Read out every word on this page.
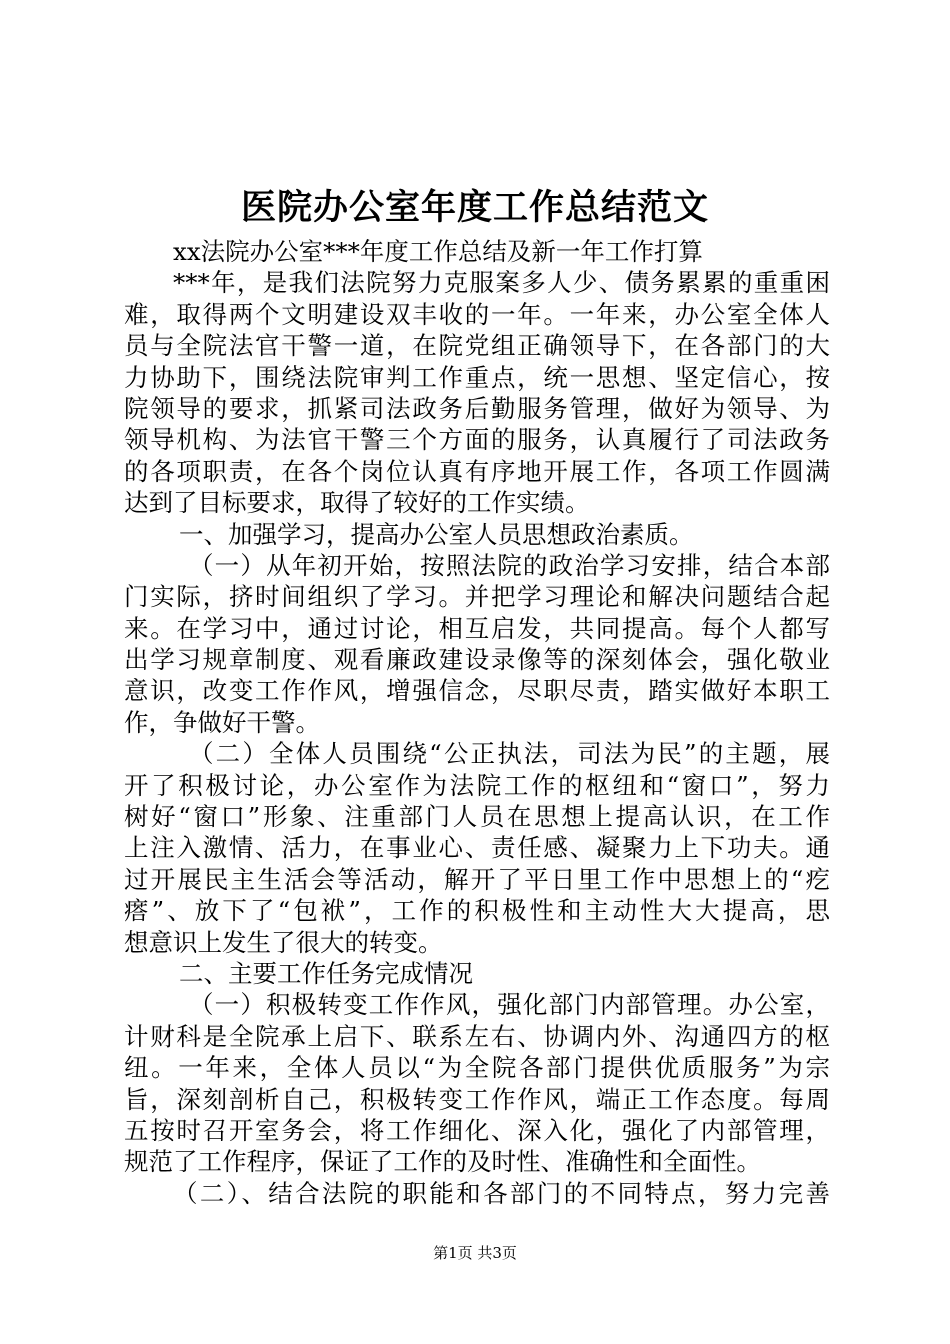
医院办公室年度工作总结范文
xx法院办公室***年度工作总结及新一年工作打算
***年，是我们法院努力克服案多人少、债务累累的重重困
难，取得两个文明建设双丰收的一年。一年来，办公室全体人
员与全院法官干警一道，在院党组正确领导下，在各部门的大
力协助下，围绕法院审判工作重点，统一思想、坚定信心，按
院领导的要求，抓紧司法政务后勤服务管理，做好为领导、为
领导机构、为法官干警三个方面的服务，认真履行了司法政务
的各项职责，在各个岗位认真有序地开展工作，各项工作圆满
达到了目标要求，取得了较好的工作实绩。
一、加强学习，提高办公室人员思想政治素质。
（一）从年初开始，按照法院的政治学习安排，结合本部
门实际，挤时间组织了学习。并把学习理论和解决问题结合起
来。在学习中，通过讨论，相互启发，共同提高。每个人都写
出学习规章制度、观看廉政建设录像等的深刻体会，强化敬业
意识，改变工作作风，增强信念，尽职尽责，踏实做好本职工
作，争做好干警。
（二）全体人员围绕“公正执法，司法为民”的主题，展
开了积极讨论，办公室作为法院工作的枢纽和“窗口”，努力
树好“窗口”形象、注重部门人员在思想上提高认识，在工作
上注入激情、活力，在事业心、责任感、凝聚力上下功夫。通
过开展民主生活会等活动，解开了平日里工作中思想上的“疙
瘩”、放下了“包袱”，工作的积极性和主动性大大提高，思
想意识上发生了很大的转变。
二、主要工作任务完成情况
（一）积极转变工作作风，强化部门内部管理。办公室，
计财科是全院承上启下、联系左右、协调内外、沟通四方的枢
纽。一年来，全体人员以“为全院各部门提供优质服务”为宗
旨，深刻剖析自己，积极转变工作作风，端正工作态度。每周
五按时召开室务会，将工作细化、深入化，强化了内部管理，
规范了工作程序，保证了工作的及时性、准确性和全面性。
（二）、结合法院的职能和各部门的不同特点，努力完善
第1页 共3页
